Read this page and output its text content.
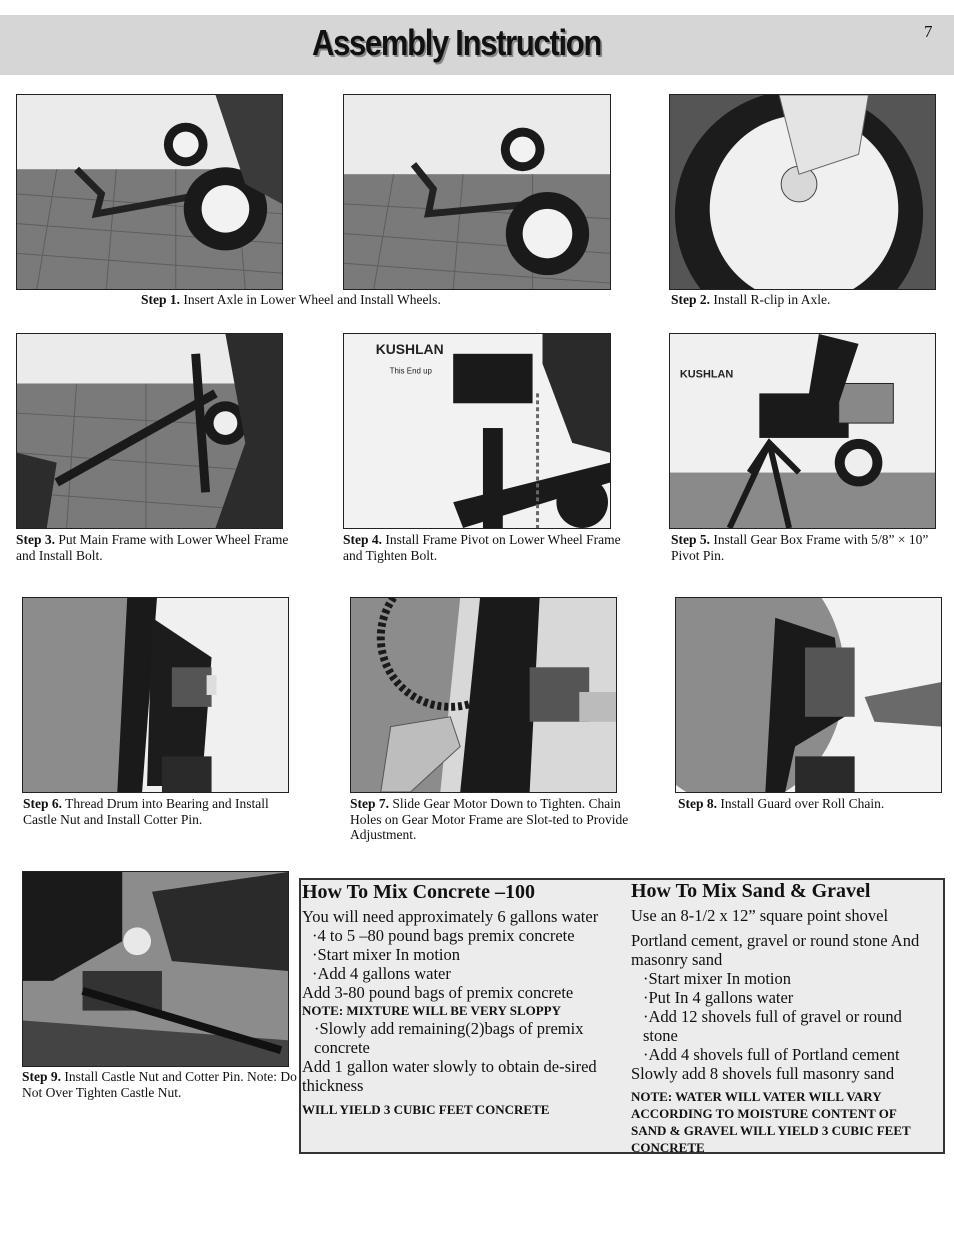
Assembly Instruction	7
Step 1. Insert Axle in Lower Wheel and Install Wheels.	Step 2. Install R-clip in Axle.
KUSHLAN
This End up	KUSHLAN
Step 3. Put Main Frame with Lower Wheel Frame and Install Bolt.
Step 4. Install Frame Pivot on Lower Wheel Frame and Tighten Bolt.
Step 5. Install Gear Box Frame with 5/8” × 10” Pivot Pin.
Step 6. Thread Drum into Bearing and Install Castle Nut and Install Cotter Pin.
Step 7. Slide Gear Motor Down to Tighten. Chain Holes on Gear Motor Frame are Slot-ted to Provide Adjustment.
Step 8. Install Guard over Roll Chain.
Step 9. Install Castle Nut and Cotter Pin. Note: Do Not Over Tighten Castle Nut.
How To Mix Concrete –100

You will need approximately 6 gallons water

·4 to 5 –80 pound bags premix concrete

·Start mixer In motion

·Add 4 gallons water

Add 3-80 pound bags of premix concrete

NOTE: MIXTURE WILL BE VERY SLOPPY

·Slowly add remaining(2)bags of premix concrete

Add 1 gallon water slowly to obtain de-sired thickness

WILL YIELD 3 CUBIC FEET CONCRETE

How To Mix Sand & Gravel

Use an 8-1/2 x 12” square point shovel

Portland cement, gravel or round stone And masonry sand

·Start mixer In motion

·Put In 4 gallons water

·Add 12 shovels full of gravel or round stone

·Add 4 shovels full of Portland cement

Slowly add 8 shovels full masonry sand

NOTE: WATER WILL VATER WILL VARY ACCORDING TO MOISTURE CONTENT OF SAND & GRAVEL WILL YIELD 3 CUBIC FEET CONCRETE
